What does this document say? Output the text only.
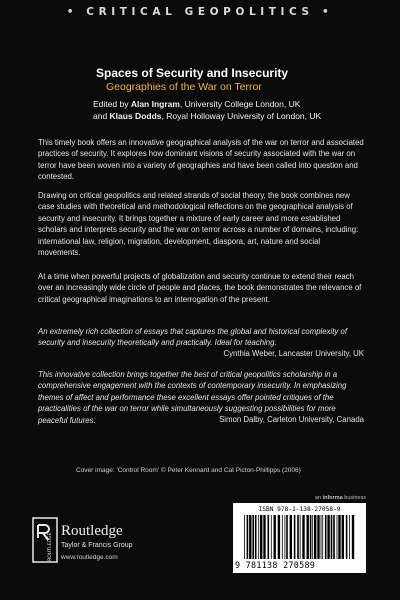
• CRITICAL GEOPOLITICS •
Spaces of Security and Insecurity
Geographies of the War on Terror
Edited by Alan Ingram, University College London, UK
and Klaus Dodds, Royal Holloway University of London, UK

This timely book offers an innovative geographical analysis of the war on terror and associated practices of security. It explores how dominant visions of security associated with the war on terror have been woven into a variety of geographies and have been called into question and contested.

Drawing on critical geopolitics and related strands of social theory, the book combines new case studies with theoretical and methodological reflections on the geographical analysis of security and insecurity. It brings together a mixture of early career and more established scholars and interprets security and the war on terror across a number of domains, including: international law, religion, migration, development, diaspora, art, nature and social movements.

At a time when powerful projects of globalization and security continue to extend their reach over an increasingly wide circle of people and places, the book demonstrates the relevance of critical geographical imaginations to an interrogation of the present.

An extremely rich collection of essays that captures the global and historical complexity of security and insecurity theoretically and practically. Ideal for teaching.

Cynthia Weber, Lancaster University, UK

This innovative collection brings together the best of critical geopolitics scholarship in a comprehensive engagement with the contexts of contemporary insecurity. In emphasizing themes of affect and performance these excellent essays offer pointed critiques of the practicalities of the war on terror while simultaneously suggesting possibilities for more peaceful futures.	Simon Dalby, Carleton University, Canada
Cover image: 'Control Room' © Peter Kennard and Cat Picton-Phillipps (2006)
an informa business
ROUTLEDGE
Routledge
Taylor & Francis Group
www.routledge.com
ISBN 978-1-138-27058-9
9 781138 270589
